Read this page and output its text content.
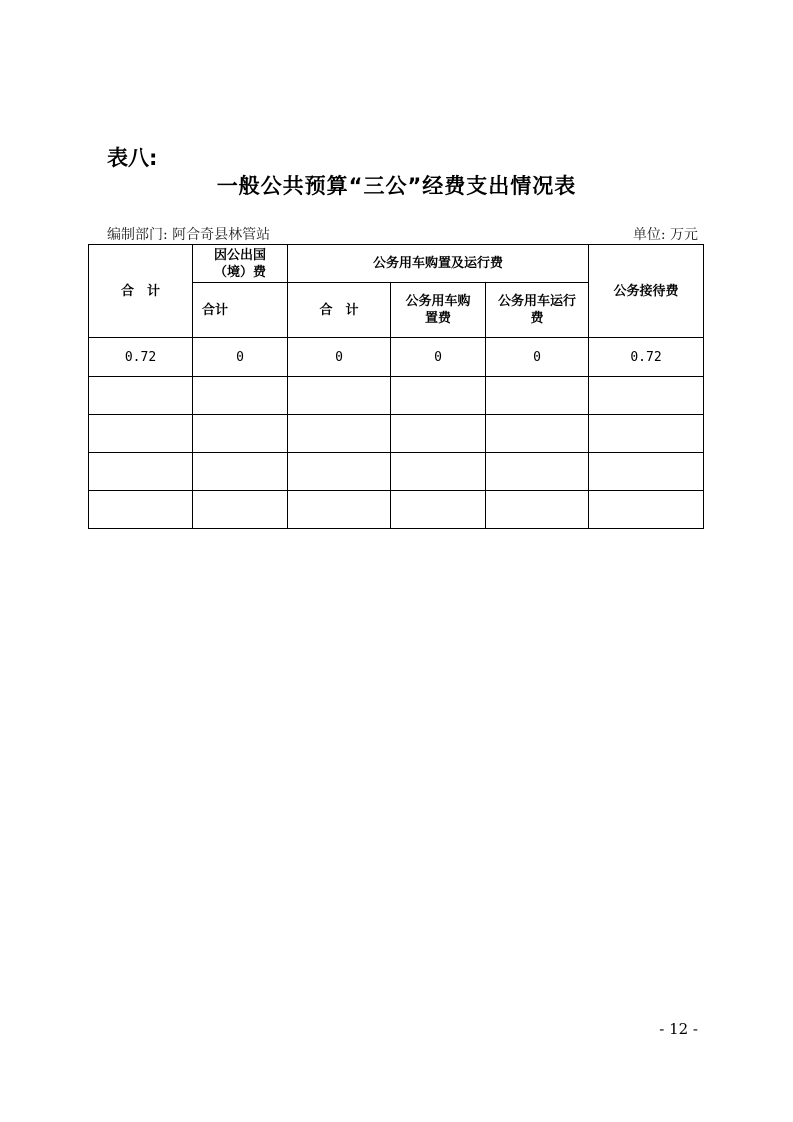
表八:
一般公共预算“三公”经费支出情况表
编制部门: 阿合奇县林管站	单位: 万元
合　计	因公出国（境）费	公务用车购置及运行费			公务接待费
	合计	合　计	公务用车购置费	公务用车运行费	

0.72	0	0	0	0	0.72

- 12 -
